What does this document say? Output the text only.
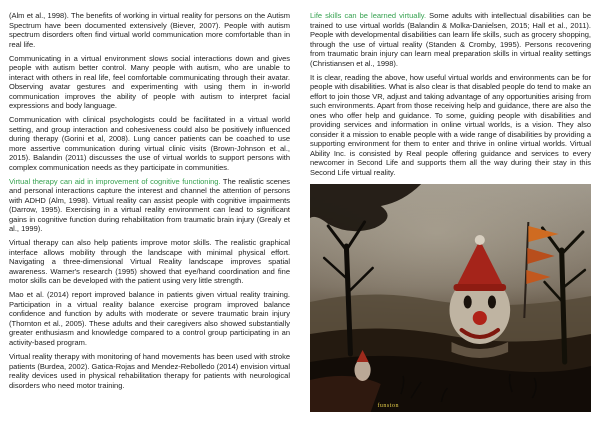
(Alm et al., 1998). The benefits of working in virtual reality for persons on the Autism Spectrum have been documented extensively (Biever, 2007). People with autism spectrum disorders often find virtual world communication more comfortable than in real life.

Communicating in a virtual environment slows social interactions down and gives people with autism better control. Many people with autism, who are unable to interact with others in real life, feel comfortable communicating through their avatar. Observing avatar gestures and experimenting with using them in in-world communication improves the ability of people with autism to interpret facial expressions and body language.

Communication with clinical psychologists could be facilitated in a virtual world setting, and group interaction and cohesiveness could also be positively influenced during therapy (Gorini et al, 2008). Lung cancer patients can be coached to use more assertive communication during virtual clinic visits (Brown-Johnson et al., 2015). Balandin (2011) discusses the use of virtual worlds to support persons with complex communication needs as they participate in communities.

Virtual therapy can aid in improvement of cognitive functioning. The realistic scenes and personal interactions capture the interest and channel the attention of persons with ADHD (Alm, 1998). Virtual reality can assist people with cognitive impairments (Darrow, 1995). Exercising in a virtual reality environment can lead to significant gains in cognitive function during rehabilitation from traumatic brain injury (Grealy et al., 1999).

Virtual therapy can also help patients improve motor skills. The realistic graphical interface allows mobility through the landscape with minimal physical effort. Navigating a three-dimensional Virtual Reality landscape improves spatial awareness. Warner's research (1995) showed that eye/hand coordination and fine motor skills can be developed with the patient using very little strength.

Mao et al. (2014) report improved balance in patients given virtual reality training. Participation in a virtual reality balance exercise program improved balance confidence and function by adults with moderate or severe traumatic brain injury (Thornton et al., 2005). These adults and their caregivers also showed substantially greater enthusiasm and knowledge compared to a control group participating in an activity-based program.

Virtual reality therapy with monitoring of hand movements has been used with stroke patients (Burdea, 2002). Gatica-Rojas and Mendez-Rebolledo (2014) envision virtual reality devices used in physical rehabilitation therapy for patients with neurological disorders who need motor training.

Life skills can be learned virtually. Some adults with intellectual disabilities can be trained to use virtual worlds (Balandin & Molka-Danielsen, 2015; Hall et al., 2011). People with developmental disabilities can learn life skills, such as grocery shopping, through the use of virtual reality (Standen & Cromby, 1995). Persons recovering from traumatic brain injury can learn meal preparation skills in virtual reality settings (Christiansen et al., 1998).

It is clear, reading the above, how useful virtual worlds and environments can be for people with disabilities. What is also clear is that disabled people do tend to make an effort to join those VR, adjust and taking advantage of any opportunities arising from such environments. Apart from those receiving help and guidance, there are also the ones who offer help and guidance. To some, guiding people with disabilities and providing services and information in online virtual worlds, is a vision. They also consider it a mission to enable people with a wide range of disabilities by providing a supporting environment for them to enter and thrive in online virtual worlds. Virtual Ability Inc. is consisted by Real people offering guidance and services to every newcomer in Second Life and supports them all the way during their stay in this Second Life virtual reality.

funston
